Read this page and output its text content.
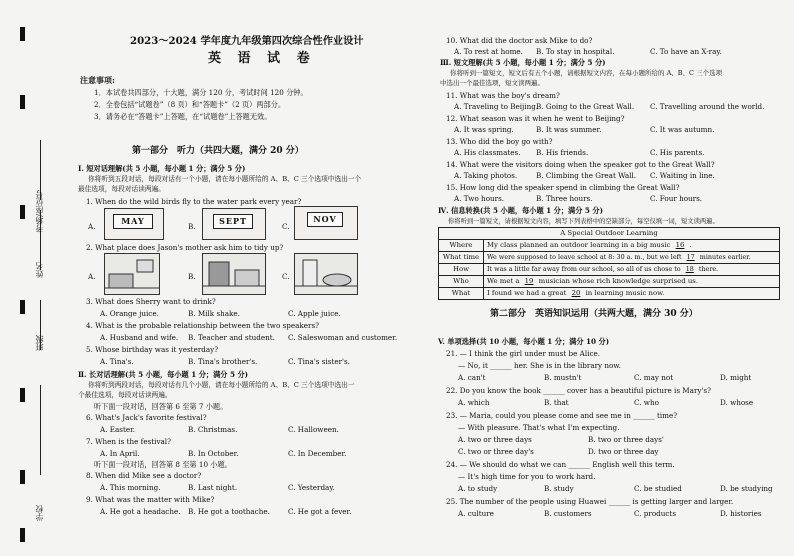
学校
班级
姓名
考场/座位号
2023～2024 学年度九年级第四次综合性作业设计
英 语 试 卷
注意事项:
1．本试卷共四部分，十大题，满分 120 分，考试时间 120 分钟。
2．全卷包括“试题卷”（8 页）和“答题卡”（2 页）两部分。
3．请务必在“答题卡”上答题，在“试题卷”上答题无效。
第一部分　听力（共四大题，满分 20 分）
Ⅰ. 短对话理解(共 5 小题，每小题 1 分；满分 5 分)
你将听到五段对话，每段对话有一个小题，请在每小题所给的 A、B、C 三个选项中选出一个
最佳选项，每段对话读两遍。
1. When do the wild birds fly to the water park every year?
A.
MAY
B.
SEPT
C.
NOV
2. What place does Jason's mother ask him to tidy up?
A.	B.	C.
3. What does Sherry want to drink?
A. Orange juice.	B. Milk shake.	C. Apple juice.
4. What is the probable relationship between the two speakers?
A. Husband and wife. B. Teacher and student. C. Saleswoman and customer.
5. Whose birthday was it yesterday?
A. Tina's.	B. Tina's brother's.	C. Tina's sister's.
Ⅱ. 长对话理解(共 5 小题，每小题 1 分；满分 5 分)
你将听到两段对话，每段对话有几个小题，请在每小题所给的 A、B、C 三个选项中选出一
个最佳选项，每段对话读两遍。
听下面一段对话，回答第 6 至第 7 小题。
6. What's Jack's favorite festival?
A. Easter.	B. Christmas.	C. Halloween.
7. When is the festival?
A. In April.	B. In October.	C. In December.
听下面一段对话，回答第 8 至第 10 小题。
8. When did Mike see a doctor?
A. This morning.	B. Last night.	C. Yesterday.
9. What was the matter with Mike?
A. He got a headache. B. He got a toothache.	C. He got a fever.
10. What did the doctor ask Mike to do?
A. To rest at home. B. To stay in hospital.	C. To have an X-ray.
Ⅲ. 短文理解(共 5 小题，每小题 1 分；满分 5 分)
你将听到一篇短文，短文后有五个小题，请根据短文内容，在每小题所给的 A、B、C 三个选项
中选出一个最佳选项，短文读两遍。
11. What was the boy's dream?
A. Traveling to Beijing.
B. Going to the Great Wall. C. Travelling around the world.
12. What season was it when he went to Beijing?
A. It was spring.	B. It was summer.	C. It was autumn.
13. Who did the boy go with?
A. His classmates. B. His friends.	C. His parents.
14. What were the visitors doing when the speaker got to the Great Wall?
A. Taking photos.	B. Climbing the Great Wall. C. Waiting in line.
15. How long did the speaker spend in climbing the Great Wall?
A. Two hours.	B. Three hours.	C. Four hours.
Ⅳ. 信息转换(共 5 小题，每小题 1 分；满分 5 分)
你将听到一篇短文，请根据短文内容，填写下列表格中的空缺部分，每空仅填一词，短文读两遍。
A Special Outdoor Learning	
Where	My class planned an outdoor learning in a big music 16 .
What time	We were supposed to leave school at 8: 30 a. m., but we left 17 minutes earlier.
How	It was a little far away from our school, so all of us chose to 18 there.
Who	We met a 19 musician whose rich knowledge surprised us.
What	I found we had a great 20 in learning music now.
第二部分　英语知识运用（共两大题，满分 30 分）
V. 单项选择(共 10 小题，每小题 1 分；满分 10 分)
21. — I think the girl under must be Alice.
— No, it ______ her. She is in the library now.
A. can't	B. mustn't	C. may not	D. might
22. Do you know the book ______ cover has a beautiful picture is Mary's?
A. which	B. that	C. who	D. whose
23. — Maria, could you please come and see me in ______ time?
— With pleasure. That's what I'm expecting.
A. two or three days	B. two or three days'
C. two or three day's	D. two or three day
24. — We should do what we can ______ English well this term.
— It's high time for you to work hard.
A. to study	B. study	C. be studied	D. be studying
25. The number of the people using Huawei ______ is getting larger and larger.
A. culture	B. customers	C. products	D. histories
